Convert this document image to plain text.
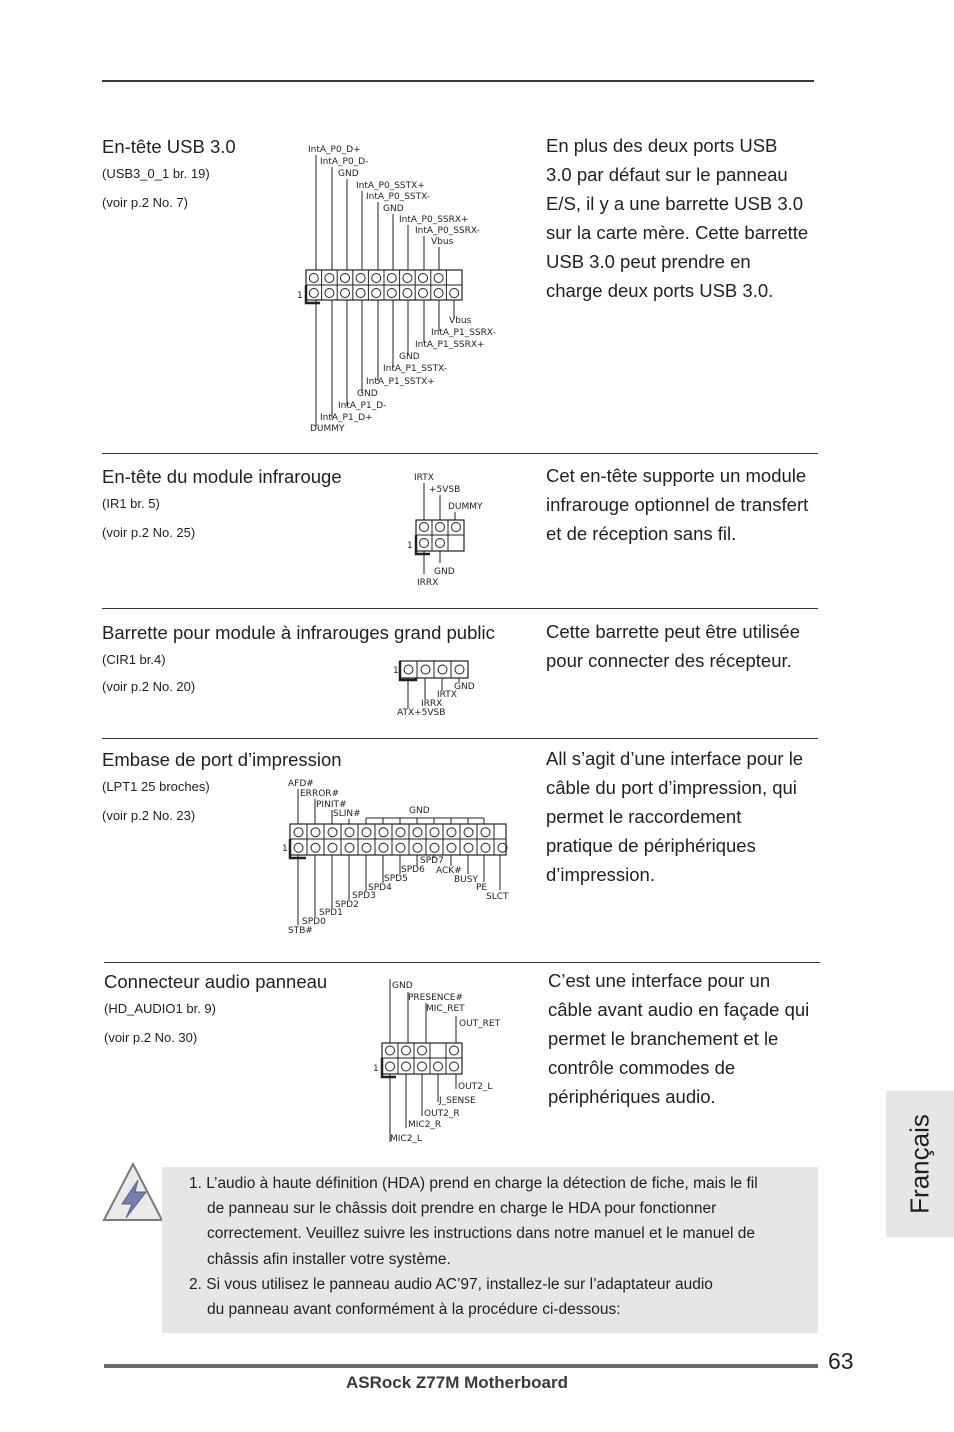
En-tête USB 3.0
(USB3_0_1 br. 19)
(voir p.2 No. 7)
En plus des deux ports USB
3.0 par défaut sur le panneau
E/S, il y a une barrette USB 3.0
sur la carte mère. Cette barrette
USB 3.0 peut prendre en
charge deux ports USB 3.0.
IntA_P0_D+
IntA_P0_D-
GND
IntA_P0_SSTX+
IntA_P0_SSTX-
GND
IntA_P0_SSRX+
IntA_P0_SSRX-
Vbus
1
Vbus
IntA_P1_SSRX-
IntA_P1_SSRX+
GND
IntA_P1_SSTX-
IntA_P1_SSTX+
GND
IntA_P1_D-
IntA_P1_D+
DUMMY
En-tête du module infrarouge
(IR1 br. 5)
(voir p.2 No. 25)
Cet en-tête supporte un module
infrarouge optionnel de transfert
et de réception sans fil.
IRTX
+5VSB
DUMMY
1
GND
IRRX
Barrette pour module à infrarouges grand public
(CIR1 br.4)
(voir p.2 No. 20)
Cette barrette peut être utilisée
pour connecter des récepteur.
1
GND
IRTX
IRRX
ATX+5VSB
Embase de port d’impression
(LPT1 25 broches)
(voir p.2 No. 23)
All s’agit d’une interface pour le
câble du port d’impression, qui
permet le raccordement
pratique de périphériques
d’impression.
AFD#
ERROR#
PINIT#
SLIN#	GND
1
SPD7
SPD6 ACK#
SPD5	BUSY
SPD4	PE
SPD3	SLCT
SPD2
SPD1
SPD0
STB#
Connecteur audio panneau
(HD_AUDIO1 br. 9)
(voir p.2 No. 30)
C’est une interface pour un
câble avant audio en façade qui
permet le branchement et le
contrôle commodes de
périphériques audio.
GND
PRESENCE#
MIC_RET
OUT_RET
1
OUT2_L
J_SENSE
OUT2_R
MIC2_R
MIC2_L
1. L’audio à haute définition (HDA) prend en charge la détection de fiche, mais le fil
de panneau sur le châssis doit prendre en charge le HDA pour fonctionner
correctement. Veuillez suivre les instructions dans notre manuel et le manuel de
châssis afin installer votre système.
2. Si vous utilisez le panneau audio AC’97, installez-le sur l’adaptateur audio
du panneau avant conformément à la procédure ci-dessous:
Français
63
ASRock Z77M Motherboard
